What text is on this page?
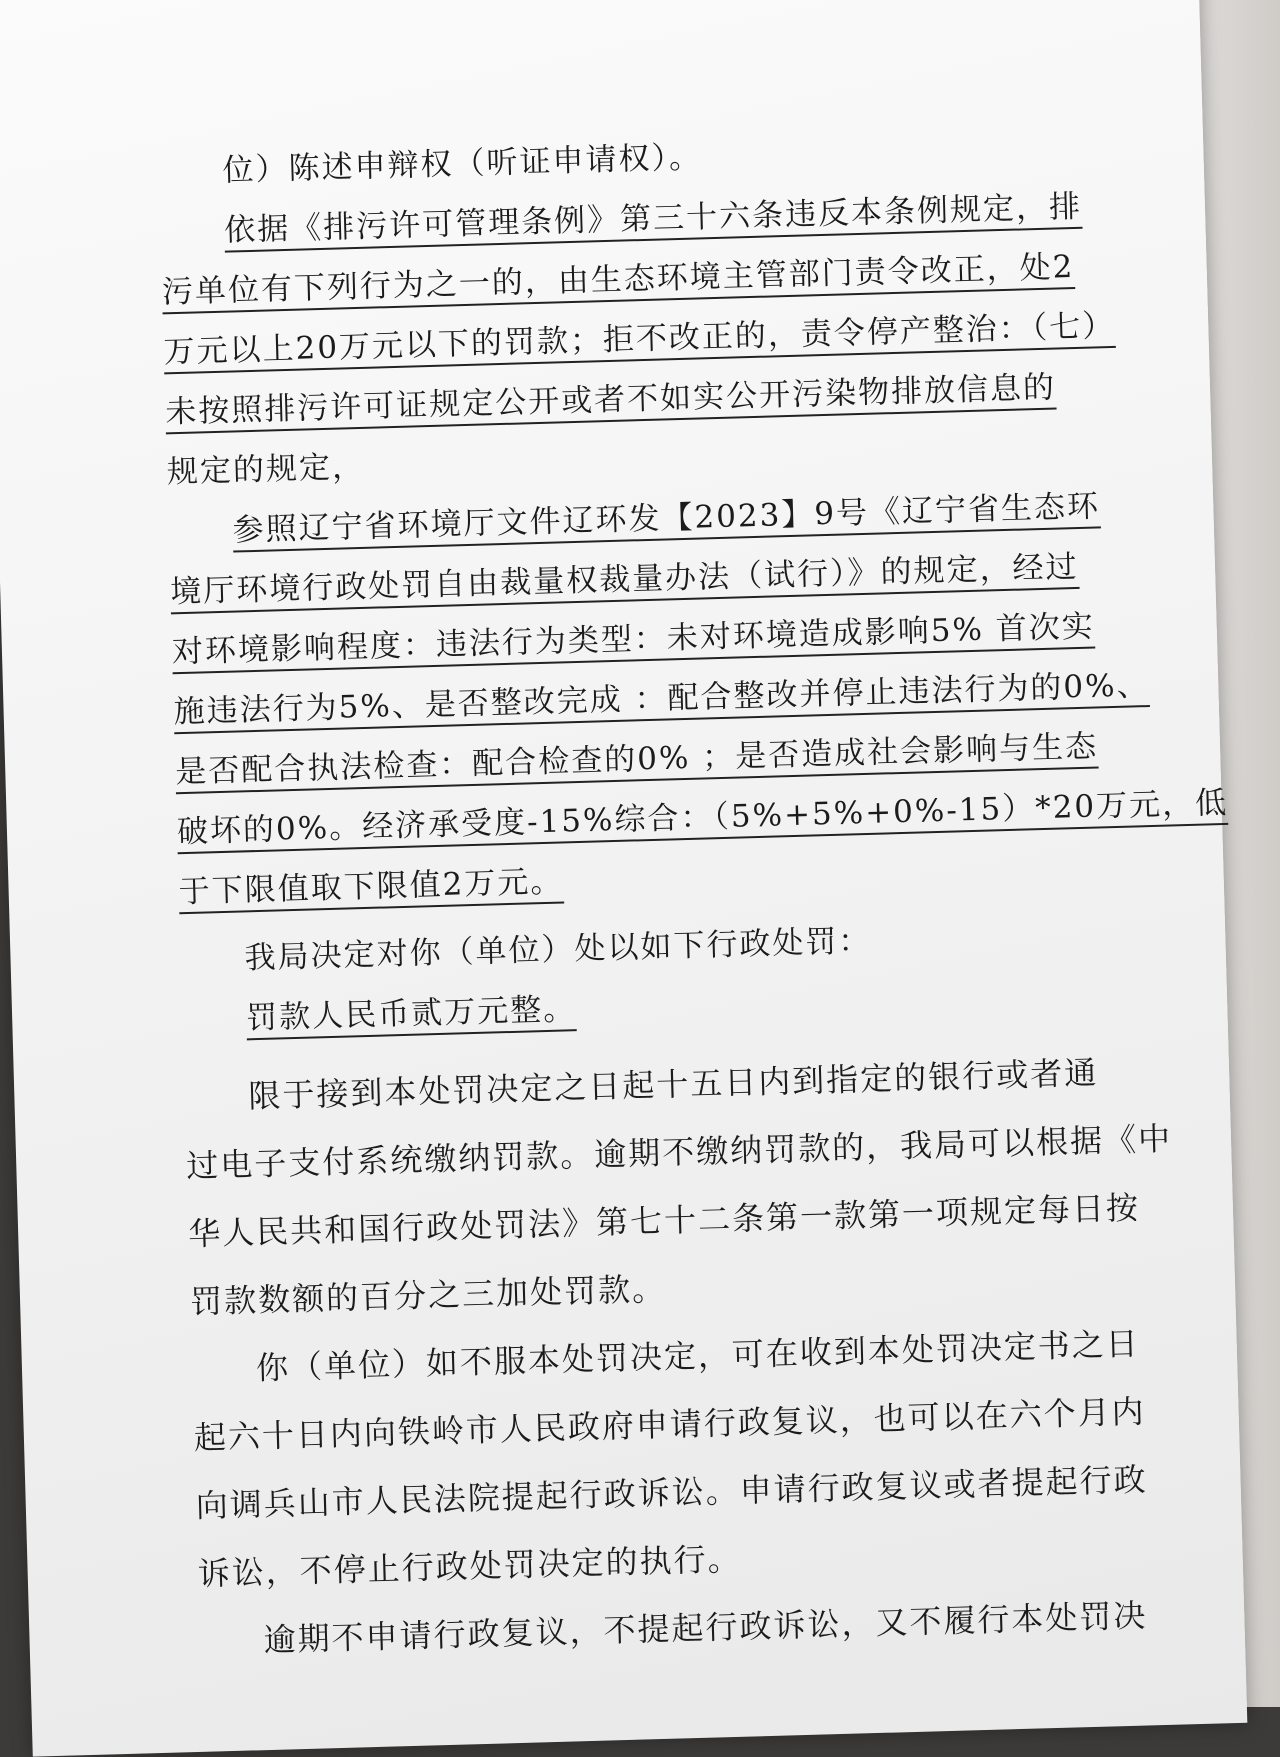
位）陈述申辩权（听证申请权）。
依据《排污许可管理条例》第三十六条违反本条例规定，排
污单位有下列行为之一的，由生态环境主管部门责令改正，处2
万元以上20万元以下的罚款；拒不改正的，责令停产整治：（七）
未按照排污许可证规定公开或者不如实公开污染物排放信息的
规定的规定，
参照辽宁省环境厅文件辽环发【2023】9号《辽宁省生态环
境厅环境行政处罚自由裁量权裁量办法（试行）》的规定，经过
对环境影响程度：违法行为类型：未对环境造成影响5% 首次实
施违法行为5%、是否整改完成 ：配合整改并停止违法行为的0%、
是否配合执法检查：配合检查的0% ；是否造成社会影响与生态
破坏的0%。经济承受度-15%综合：（5%+5%+0%-15）*20万元，低
于下限值取下限值2万元。
我局决定对你（单位）处以如下行政处罚：
罚款人民币贰万元整。
限于接到本处罚决定之日起十五日内到指定的银行或者通
过电子支付系统缴纳罚款。逾期不缴纳罚款的，我局可以根据《中
华人民共和国行政处罚法》第七十二条第一款第一项规定每日按
罚款数额的百分之三加处罚款。
你（单位）如不服本处罚决定，可在收到本处罚决定书之日
起六十日内向铁岭市人民政府申请行政复议，也可以在六个月内
向调兵山市人民法院提起行政诉讼。申请行政复议或者提起行政
诉讼，不停止行政处罚决定的执行。
逾期不申请行政复议，不提起行政诉讼，又不履行本处罚决
